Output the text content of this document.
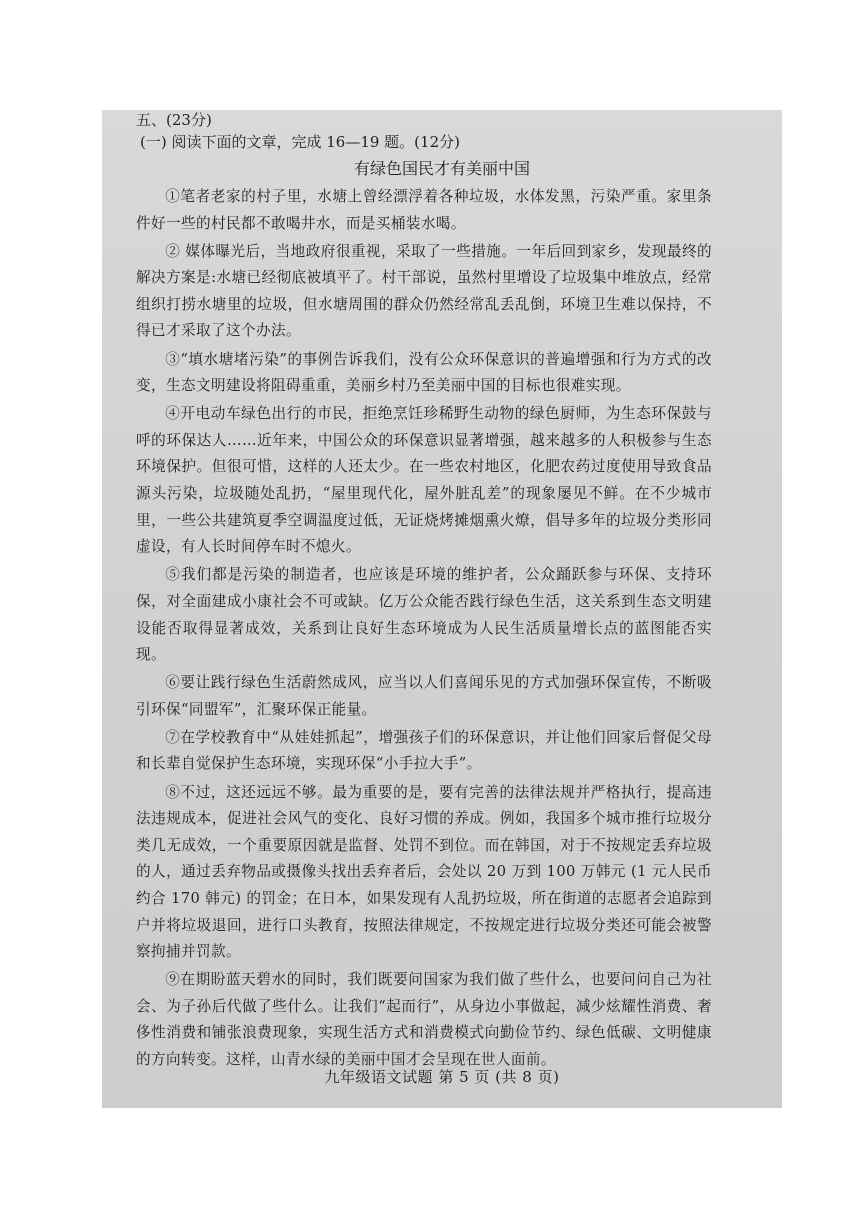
五、(23分)

(一) 阅读下面的文章，完成 16—19 题。(12分)

有绿色国民才有美丽中国

①笔者老家的村子里，水塘上曾经漂浮着各种垃圾，水体发黑，污染严重。家里条件好一些的村民都不敢喝井水，而是买桶装水喝。

② 媒体曝光后，当地政府很重视，采取了一些措施。一年后回到家乡，发现最终的解决方案是:水塘已经彻底被填平了。村干部说，虽然村里增设了垃圾集中堆放点，经常组织打捞水塘里的垃圾，但水塘周围的群众仍然经常乱丢乱倒，环境卫生难以保持，不得已才采取了这个办法。

③“填水塘堵污染”的事例告诉我们，没有公众环保意识的普遍增强和行为方式的改变，生态文明建设将阻碍重重，美丽乡村乃至美丽中国的目标也很难实现。

④开电动车绿色出行的市民，拒绝烹饪珍稀野生动物的绿色厨师，为生态环保鼓与呼的环保达人……近年来，中国公众的环保意识显著增强，越来越多的人积极参与生态环境保护。但很可惜，这样的人还太少。在一些农村地区，化肥农药过度使用导致食品源头污染，垃圾随处乱扔，“屋里现代化，屋外脏乱差”的现象屡见不鲜。在不少城市里，一些公共建筑夏季空调温度过低，无证烧烤摊烟熏火燎，倡导多年的垃圾分类形同虚设，有人长时间停车时不熄火。

⑤我们都是污染的制造者，也应该是环境的维护者，公众踊跃参与环保、支持环保，对全面建成小康社会不可或缺。亿万公众能否践行绿色生活，这关系到生态文明建设能否取得显著成效，关系到让良好生态环境成为人民生活质量增长点的蓝图能否实现。

⑥要让践行绿色生活蔚然成风，应当以人们喜闻乐见的方式加强环保宣传，不断吸引环保“同盟军”，汇聚环保正能量。

⑦在学校教育中“从娃娃抓起”，增强孩子们的环保意识，并让他们回家后督促父母和长辈自觉保护生态环境，实现环保“小手拉大手”。

⑧不过，这还远远不够。最为重要的是，要有完善的法律法规并严格执行，提高违法违规成本，促进社会风气的变化、良好习惯的养成。例如，我国多个城市推行垃圾分类几无成效，一个重要原因就是监督、处罚不到位。而在韩国，对于不按规定丢弃垃圾的人，通过丢弃物品或摄像头找出丢弃者后，会处以 20 万到 100 万韩元 (1 元人民币约合 170 韩元) 的罚金；在日本，如果发现有人乱扔垃圾，所在街道的志愿者会追踪到户并将垃圾退回，进行口头教育，按照法律规定，不按规定进行垃圾分类还可能会被警察拘捕并罚款。

⑨在期盼蓝天碧水的同时，我们既要问国家为我们做了些什么，也要问问自己为社会、为子孙后代做了些什么。让我们“起而行”，从身边小事做起，减少炫耀性消费、奢侈性消费和铺张浪费现象，实现生活方式和消费模式向勤俭节约、绿色低碳、文明健康的方向转变。这样，山青水绿的美丽中国才会呈现在世人面前。

九年级语文试题 第 5 页 (共 8 页)
